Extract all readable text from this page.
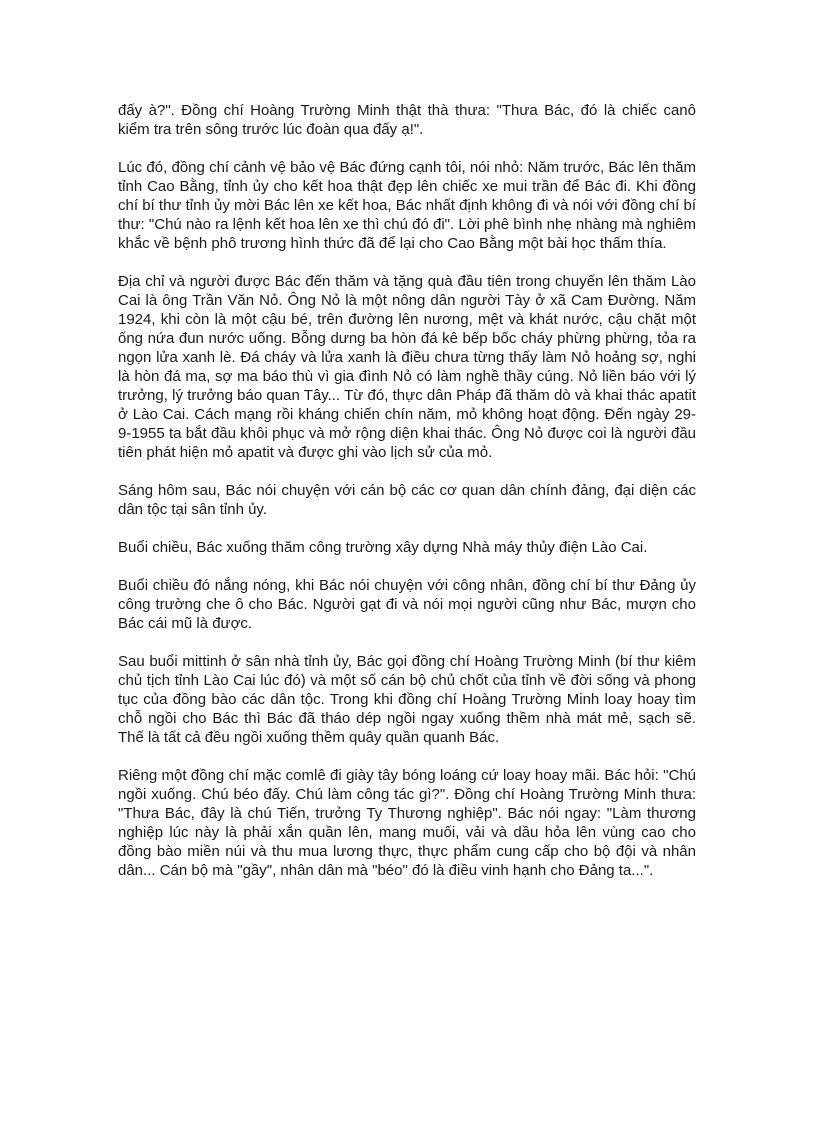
đấy à?". Đồng chí Hoàng Trường Minh thật thà thưa: "Thưa Bác, đó là chiếc canô kiểm tra trên sông trước lúc đoàn qua đấy ạ!".

Lúc đó, đồng chí cảnh vệ bảo vệ Bác đứng cạnh tôi, nói nhỏ: Năm trước, Bác lên thăm tỉnh Cao Bằng, tỉnh ủy cho kết hoa thật đẹp lên chiếc xe mui trần để Bác đi. Khi đồng chí bí thư tỉnh ủy mời Bác lên xe kết hoa, Bác nhất định không đi và nói với đồng chí bí thư: "Chú nào ra lệnh kết hoa lên xe thì chú đó đi". Lời phê bình nhẹ nhàng mà nghiêm khắc về bệnh phô trương hình thức đã để lại cho Cao Bằng một bài học thấm thía.

Địa chỉ và người được Bác đến thăm và tặng quà đầu tiên trong chuyến lên thăm Lào Cai là ông Trần Văn Nỏ. Ông Nỏ là một nông dân người Tày ở xã Cam Đường. Năm 1924, khi còn là một cậu bé, trên đường lên nương, mệt và khát nước, cậu chặt một ống nứa đun nước uống. Bỗng dưng ba hòn đá kê bếp bốc cháy phừng phừng, tỏa ra ngọn lửa xanh lè. Đá cháy và lửa xanh là điều chưa từng thấy làm Nỏ hoảng sợ, nghi là hòn đá ma, sợ ma báo thù vì gia đình Nỏ có làm nghề thầy cúng. Nỏ liền báo với lý trưởng, lý trưởng báo quan Tây... Từ đó, thực dân Pháp đã thăm dò và khai thác apatit ở Lào Cai. Cách mạng rồi kháng chiến chín năm, mỏ không hoạt động. Đến ngày 29-9-1955 ta bắt đầu khôi phục và mở rộng diện khai thác. Ông Nỏ được coi là người đầu tiên phát hiện mỏ apatit và được ghi vào lịch sử của mỏ.

Sáng hôm sau, Bác nói chuyện với cán bộ các cơ quan dân chính đảng, đại diện các dân tộc tại sân tỉnh ủy.

Buổi chiều, Bác xuống thăm công trường xây dựng Nhà máy thủy điện Lào Cai.

Buổi chiều đó nắng nóng, khi Bác nói chuyện với công nhân, đồng chí bí thư Đảng ủy công trường che ô cho Bác. Người gạt đi và nói mọi người cũng như Bác, mượn cho Bác cái mũ là được.

Sau buổi mittinh ở sân nhà tỉnh ủy, Bác gọi đồng chí Hoàng Trường Minh (bí thư kiêm chủ tịch tỉnh Lào Cai lúc đó) và một số cán bộ chủ chốt của tỉnh về đời sống và phong tục của đồng bào các dân tộc. Trong khi đồng chí Hoàng Trường Minh loay hoay tìm chỗ ngồi cho Bác thì Bác đã tháo dép ngồi ngay xuống thềm nhà mát mẻ, sạch sẽ. Thế là tất cả đều ngồi xuống thềm quây quần quanh Bác.

Riêng một đồng chí mặc comlê đi giày tây bóng loáng cứ loay hoay mãi. Bác hỏi: "Chú ngồi xuống. Chú béo đấy. Chú làm công tác gì?". Đồng chí Hoàng Trường Minh thưa: "Thưa Bác, đây là chú Tiến, trưởng Ty Thương nghiệp". Bác nói ngay: "Làm thương nghiệp lúc này là phải xắn quần lên, mang muối, vải và dầu hỏa lên vùng cao cho đồng bào miền núi và thu mua lương thực, thực phẩm cung cấp cho bộ đội và nhân dân... Cán bộ mà "gầy", nhân dân mà "béo" đó là điều vinh hạnh cho Đảng ta...".
